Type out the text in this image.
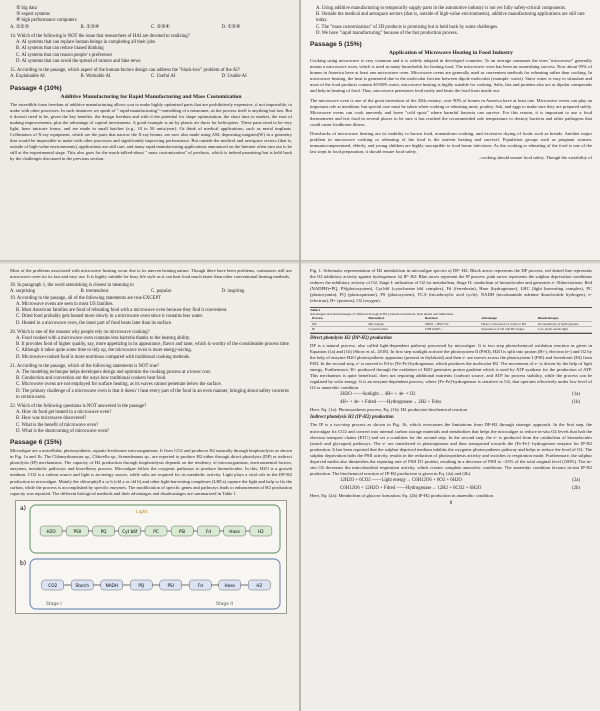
② big data

③ expert systems

④ high performance computers

A. ①②③	B. ①③④	C. ②③④	D. ①②④

14. Which of the following is NOT the issue that researchers of HAI are devoted to realizing?

A. AI systems that can replace human beings in completing all their jobs

B. AI systems that can reduce biased thinking

C. AI systems that can reason people' s preference

D. AI systems that can avoid the spread of rumors and fake news

15. According to the passage, which aspect of the human-factors design can address the "black-box" problem of the AI?

A. Explainable AI	B. Workable AI	C. Useful AI	D. Usable AI

Passage 4 (10%)

Additive Manufacturing for Rapid Manufacturing and Mass Customization

The incredible form freedom of additive manufacturing allows you to make highly optimized parts that are prohibitively expensive, if not impossible, to make with other processes. In such instances we speak of " rapid manufacturing"--something of a misnomer, as the process itself is anything but fast. But it doesn't need to be, given the key benefits: the design freedom and with it the potential for shape optimization, the short time to market, the ease of making improvements, plus the advantage of capital investments. A good example is art by plastic air ducts for helicopters. These parts need to be very light, have intricate forms, and are made in small batches (e.g., 10 to 50 units/year). Or think of medical applications, such as metal implants. Collimators of X-ray equipment, which are the parts that narrow the X-ray beams, are now also made using AM, depositing tungsten(W) in a geometry that would be impossible to make with other processes and significantly improving performance. But outside the medical and aerospace sectors (that is, outside of high-value environments), applications are still rare, and many rapid manufacturing applications announced on the Internet often turn out to be still at the experimental stage. This also goes for the much-talked-about " mass customization" of products, which is indeed promising but is held back by the challenges discussed in the previous section.

Most of the problems associated with microwave heating occur due to its uneven heating nature. Though there have been problems, consumers still use microwave oven for its fast and easy use. It is highly suitable for busy life style as it can heat food much faster than other conventional heating methods.

18. In paragraph 1, the word astonishing is closest in meaning to

A. surprising	B. tremendous	C. popular	D. inspiring

19. According to the passage, all of the following statements are true EXCEPT

A. Microwave ovens are seen in most US families.

B. Most American families are fond of reheating food with a microwave oven because they find it convenient.

C. Dried food probably gets heated more slowly in a microwave oven since it contains less water.

D. Heated in a microwave oven, the inner part of food heats later than its surface.

20. Which is one of the reasons why people rely on microwave cooking?

A. Food cooked with a microwave oven contains less bacteria thanks to the heating ability.

B. It provides food of higher quality, say, more appetizing in its appearance, flavor and taste, which is worthy of the considerable process time.

C. Although it takes quite some time to tidy up, the microwave oven is more energy-saving.

D. Microwave-cooked food is more nutritious compared with traditional cooking methods.

21. According to the passage, which of the following statements is NOT true?

A. The modeling technique helps developers design and optimize the cooking process at a lower cost.

B. Conduction and convection are the ways how traditional cookers heat food.

C. Microwave ovens are not employed for surface heating, as its waves cannot penetrate below the surface.

D. The primary challenge of a microwave oven is that it doesn' t heat every part of the food in an even manner, bringing about safety concerns to certain users.

22. Which of the following questions is NOT answered in the passage?

A. How do food get heated in a microwave oven?

B. How was microwave discovered?

C. What is the benefit of microwave oven?

D. What is the shortcoming of microwave oven?

Passage 6 (15%)

Microalgae are a unicellular, photosynthetic, aquatic/freshwater microorganisms. It fixes CO2 and produces H2 naturally through biophotolysis as shown in Fig. 1a and 1b. The Chlamydomonas sp., Chlorella sp., Scenedesmus sp., are reported to produce H2 either through direct photolysis (DP) or indirect photolysis (IP) mechanisms. The capacity of H2 production through biophotolysis depends on the tendency of microorganisms, environmental factors, enzymes, metabolic pathways and bioreflnery process. Microalgae follow the oxygenic pathways to produce biomolecules. In this, H2O is a growth medium, CO2 is a carbon source and light is an energy source, while salts are required for its metabolic activity. Light plays a vital role in the DP-H2 production in microalgae. Mainly the chlorophyll a or b (chl a or chl b) and other light-harvesting complexes (LHCs) capture the light and help to fix the carbon, while the process is accomplished by specific enzymes. The modification of specific genes and pathways leads to enhancement of H2 production capacity was reported. The different biological methods and their advantages and disadvantages are summarized in Table 1.

a)
H2O	PSII	PQ	Cyt b6f	PC	PSI	Fd	Hase	H2
b)
CO2	Starch	NADH	PQ	PSI	Fd	Hase	H2
Light
Stage I	Stage II

A. Using additive manufacturing to temporarily supply parts in the automotive industry is not yet fully safety-critical components.

B. Outside the medical and aerospace sectors (that is, outside of high-value environments), additive manufacturing applications are still rare today.

C. The "mass customization" of 3D products is promising but is held back by some challenges.

D. We have "rapid manufacturing" because of the fast production process.

Passage 5 (15%)

Application of Microwave Heating in Food Industry

Cooking using microwave is very common and it is widely adopted in developed countries. To an average consumer the term "microwave" generally means a microwave oven, which is used in many households for heating food. The microwave oven has been an astonishing success. Now about 95% of homes in America have at least one microwave oven. Microwave ovens are generally used as convenient methods for reheating rather than cooking. In microwave heating, the heat is generated due to the molecular friction between dipole molecules (example: water). Since water is easy to stimulate and most of the food products contain 40-80% water, microwave heating is highly suitable for cooking. Salts, fats and proteins also act as dipolar compounds and help in heating of food. Thus, microwave penetrates food easily and heats the food from inside out.

The microwave oven is one of the great inventions of the 20th century; over 90% of homes in America have at least one. Microwave ovens can play an important role at mealtime, but special care must be taken when cooking or reheating meat, poultry, fish, and eggs to make sure they are prepared safely. Microwave ovens can cook unevenly and leave "cold spots" where harmful bacteria can survive. For this reason, it is important to use a food thermometer and test food in several places to be sure it has reached the recommended safe temperature to destroy bacteria and other pathogens that could cause foodborne illness.

Drawbacks of microwave heating are its inability to brown food, nonuniform cooking, and excessive drying of foods such as breads. Another major problem in microwave cooking or reheating of the food is the uneven heating and survival. Population groups such as pregnant women, immunocompromised, elderly, and young children are highly susceptible to food borne infections. As the cooking or reheating of the food is one of the last steps in food preparation, it should ensure food safety.

...cooking should ensure food safety. Though the variability of

Fig. 1. Schematic representation of H2 metabolism in microalgae species a) DP- H2: Black arrow represents the DP process; red dotted line represents the O2 inhibitory activity against hydrogenase. b) IP- H2: Blue arrow represent the IP process. pink arrow represents the sulphur deprivation conditions reduces the inhibitory activity of O2, Stage I: utilization of O2 for metabolism, Stage II: catabolism of biomolecules and generates e- Abbreviations: Red (NADPH)=PQ, PS(photosystem), Cyt.b6f (cytochrome b6f complex), Fd (ferredoxin), Hase (hydrogenase), LHC (light harvesting complex), PC (plastocyanin), PQ (plastoquinone), PS (photosystem), TCA (tricarboxylic acid cycle), NADH (nicotinamide adenine dinucleotide hydrogen), e- (electron), H+ (protons), O2 (oxygen).

Table 1

Advantages and disadvantages of different biological H2 production methods, their merits and limitations.

Process	Biocatalyst	Reaction	Advantage	Disadvantages
DP	Microalgae	2H2O→2H2+O2	Direct conversion of water to H2	O2 sensitivity of hydrogenase
IP	Cyanobacteria	C6H12O6+...	Separation of O2 and H2 stages	Low yield, needs light

Direct photolysis H2 (DP-H2) production

DP is a natural process, also called light-dependent pathway processed by microalgae. It is two step photochemical oxidation reaction as given in Equation (1a) and (1b) (Show et al., 2018). In first step sunlight activate the photosystem II (PSII), H2O is split into proton (H+), electron (e-) and O2 by the help of enzyme H2O photosynthetic apparatus (present in thylakoid) and then e- are moves across the photosystem I (PSI) and ferredoxin (Fd) from PSII. In the second step, e- is moved to Fd to [Fe-Fe]-hydrogenase, which produces the molecular H2. The movement of e- is driven by the help of light energy. Furthermore, H+ produced through the oxidation of H2O generates proton gradient which is used by ATP synthase for the production of ATP. This mechanism is quite beneficial, does not requiring additional nutrients (carbon) source, and ATP for process stability, while the process can be regulated by solar energy. It is an enzyme-dependent process, where [Fe-Fe]-hydrogenase is sensitive to O2, that operates effectively under low level of O2 or anaerobic condition.

2H2O ——Sunlight→ 4H+ + 4e- + O2	(1a)
4H+ + 4e- + Fdred ——Hydrogenase→ 2H2 + Fdox	(1b)

Here, Eq. (1a): Photosynthesis process; Eq. (1b): H2 production biochemical reaction

Indirect photolysis H2 (IP-H2) production

The IP is a two-step process as shown in Fig. 1b, which overcomes the limitations from DP-H2 through strategic approach. In the first step, the microalgae fix CO2 and convert into internal carbon storage materials and metabolites that helps the microalgae to reduce in-situ O2 levels that halt the electron transport chains (ETC) and set a condition for the second step. In the second step, the e- is produced from the catabolism of biomolecules (starch and glycogen) pathways. The e- are transferred to plastoquinone and then transported towards the [Fe-Fe]- hydrogenase enzyme for IP-H2 production. It has been reported that the sulphur deprived medium inhibits the oxygenic photosynthesis pathway and helps to reduce the level of O2. The sulphur deprivation halts the PSII activity, results in the reduction of photosynthesis activity and switches to respiration mode. Furthermore, the sulphur deprived media also diminishes the repairing rate of PSII D1 protein, resulting in a decrease of PSII to ~25% of the total original level (100%). The in-situ O2 decreases the mitochondrial respiration activity, which creates complete anaerobic conditions. The anaerobic condition favours in-situ IP-H2 production. The biochemical reaction of IP-H2 production is given in Eq. (2a) and (2b).

12H2O + 6CO2 ——Light energy→ C6H12O6 + 6O2 + 6H2O	(2a)
C6H12O6 + 12H2O + Fdred ——Hydrogenase→ 12H2 + 6CO2 + 6H2O	(2b)

Here, Eq. (2a): Metabolism of glucose formation; Eq. (2b) IP-H2 production in anaerobic condition.

8
